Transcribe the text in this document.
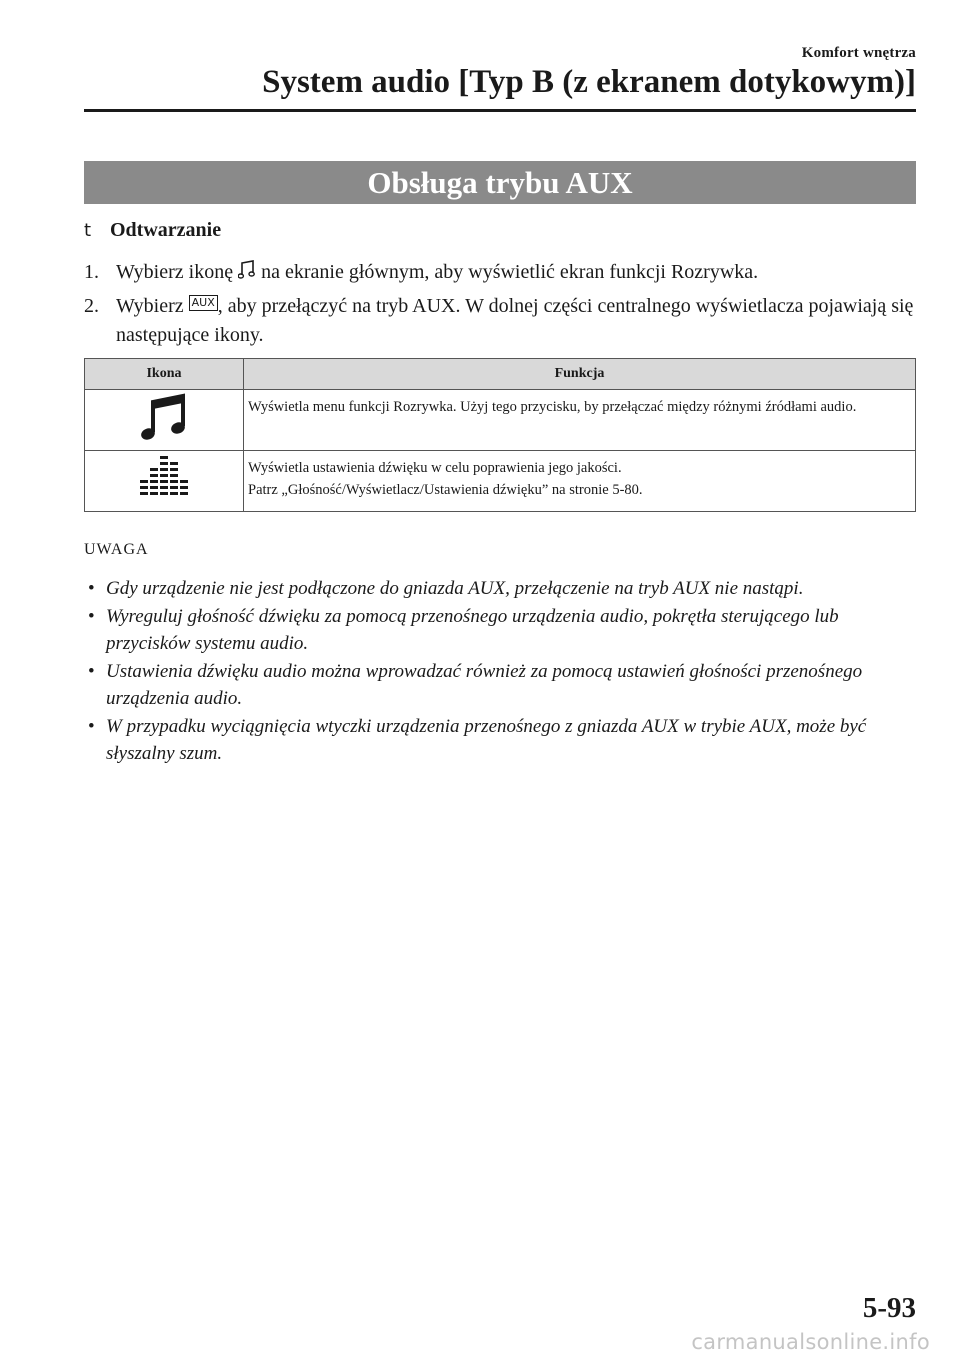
Komfort wnętrza
System audio [Typ B (z ekranem dotykowym)]
Obsługa trybu AUX
t Odtwarzanie
1. Wybierz ikonę na ekranie głównym, aby wyświetlić ekran funkcji Rozrywka.
2. Wybierz AUX , aby przełączyć na tryb AUX. W dolnej części centralnego wyświetlacza pojawiają się następujące ikony.
Ikona	Funkcja
	Wyświetla menu funkcji Rozrywka. Użyj tego przycisku, by przełączać między różnymi źródłami audio.
	Wyświetla ustawienia dźwięku w celu poprawienia jego jakości.
Patrz „Głośność/Wyświetlacz/Ustawienia dźwięku” na stronie 5-80.
UWAGA
• Gdy urządzenie nie jest podłączone do gniazda AUX, przełączenie na tryb AUX nie nastąpi.
• Wyreguluj głośność dźwięku za pomocą przenośnego urządzenia audio, pokrętła sterującego lub przycisków systemu audio.
• Ustawienia dźwięku audio można wprowadzać również za pomocą ustawień głośności przenośnego urządzenia audio.
• W przypadku wyciągnięcia wtyczki urządzenia przenośnego z gniazda AUX w trybie AUX, może być słyszalny szum.
5-93
carmanualsonline.info
